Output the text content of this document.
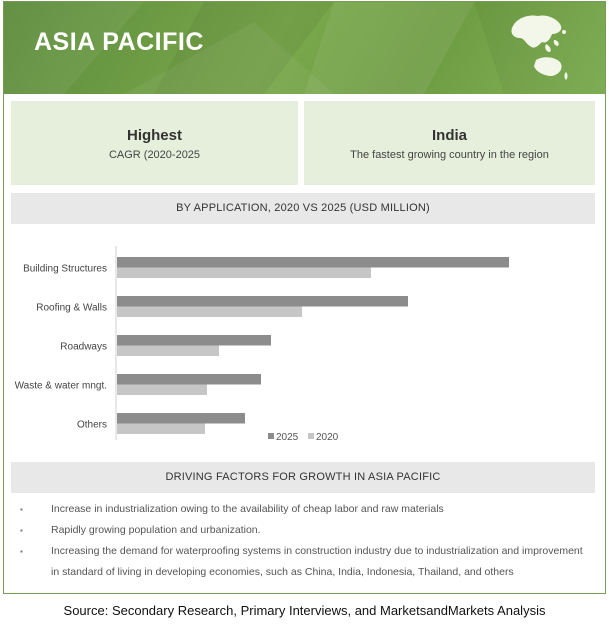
ASIA PACIFIC
Highest
CAGR (2020-2025
India
The fastest growing country in the region
BY APPLICATION, 2020 VS 2025 (USD MILLION)
Building Structures
Roofing & Walls
Roadways
Waste & water mngt.
Others
2025 2020
DRIVING FACTORS FOR GROWTH IN ASIA PACIFIC
▪ Increase in industrialization owing to the availability of cheap labor and raw materials
▪ Rapidly growing population and urbanization.
▪ Increasing the demand for waterproofing systems in construction industry due to industrialization and improvement in standard of living in developing economies, such as China, India, Indonesia, Thailand, and others
Source: Secondary Research, Primary Interviews, and MarketsandMarkets Analysis
